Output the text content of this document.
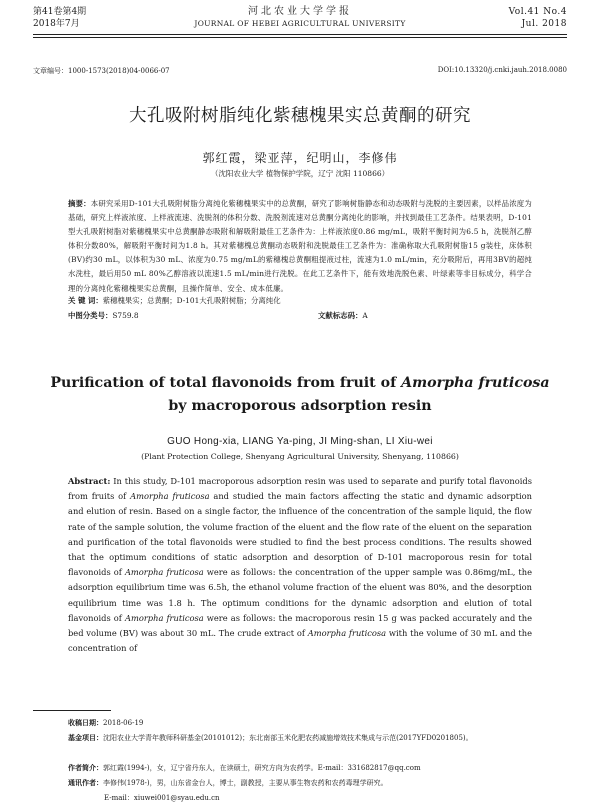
第41卷第4期
2018年7月
河北农业大学学报
JOURNAL OF HEBEI AGRICULTURAL UNIVERSITY
Vol.41 No.4
Jul. 2018
文章编号：1000-1573(2018)04-0066-07	DOI:10.13320/j.cnki.jauh.2018.0080
大孔吸附树脂纯化紫穗槐果实总黄酮的研究
郭红霞，梁亚萍，纪明山，李修伟
（沈阳农业大学 植物保护学院，辽宁 沈阳 110866）
摘要：本研究采用D-101大孔吸附树脂分离纯化紫穗槐果实中的总黄酮，研究了影响树脂静态和动态吸附与洗脱的主要因素，以样品浓度为基础，研究上样液浓度、上样液流速、洗脱剂的体积分数、洗脱剂流速对总黄酮分离纯化的影响，并找到最佳工艺条件。结果表明，D-101型大孔吸附树脂对紫穗槐果实中总黄酮静态吸附和解吸附最佳工艺条件为：上样液浓度0.86 mg/mL，吸附平衡时间为6.5 h，洗脱剂乙醇体积分数80%，解吸附平衡时间为1.8 h。其对紫穗槐总黄酮动态吸附和洗脱最佳工艺条件为：准确称取大孔吸附树脂15 g装柱，床体积(BV)约30 mL，以体积为30 mL、浓度为0.75 mg/mL的紫穗槐总黄酮粗提液过柱，流速为1.0 mL/min，充分吸附后，再用3BV的超纯水洗柱，最后用50 mL 80%乙醇溶液以流速1.5 mL/min进行洗脱。在此工艺条件下，能有效地洗脱色素、叶绿素等非目标成分，科学合理的分离纯化紫穗槐果实总黄酮，且操作简单、安全、成本低廉。
关 键 词：紫穗槐果实；总黄酮；D-101大孔吸附树脂；分离纯化
中图分类号：S759.8	文献标志码：A
Purification of total flavonoids from fruit of Amorpha fruticosa
by macroporous adsorption resin
GUO Hong-xia, LIANG Ya-ping, JI Ming-shan, LI Xiu-wei
(Plant Protection College, Shenyang Agricultural University, Shenyang, 110866)
Abstract: In this study, D-101 macroporous adsorption resin was used to separate and purify total flavonoids from fruits of Amorpha fruticosa and studied the main factors affecting the static and dynamic adsorption and elution of resin. Based on a single factor, the influence of the concentration of the sample liquid, the flow rate of the sample solution, the volume fraction of the eluent and the flow rate of the eluent on the separation and purification of the total flavonoids were studied to find the best process conditions. The results showed that the optimum conditions of static adsorption and desorption of D-101 macroporous resin for total flavonoids of Amorpha fruticosa were as follows: the concentration of the upper sample was 0.86mg/mL, the adsorption equilibrium time was 6.5h, the ethanol volume fraction of the eluent was 80%, and the desorption equilibrium time was 1.8 h. The optimum conditions for the dynamic adsorption and elution of total flavonoids of Amorpha fruticosa were as follows: the macroporous resin 15 g was packed accurately and the bed volume (BV) was about 30 mL. The crude extract of Amorpha fruticosa with the volume of 30 mL and the concentration of
收稿日期：2018-06-19
基金项目：沈阳农业大学青年教师科研基金(20101012)；东北南部玉米化肥农药减施增效技术集成与示范(2017YFD0201805)。
作者简介：郭红霞(1994-)，女，辽宁省丹东人，在读硕士，研究方向为农药学。E-mail：331682817@qq.com
通讯作者：李修伟(1978-)，男，山东省金台人，博士，副教授，主要从事生物农药和农药毒理学研究。
E-mail：xiuwei001@syau.edu.cn
